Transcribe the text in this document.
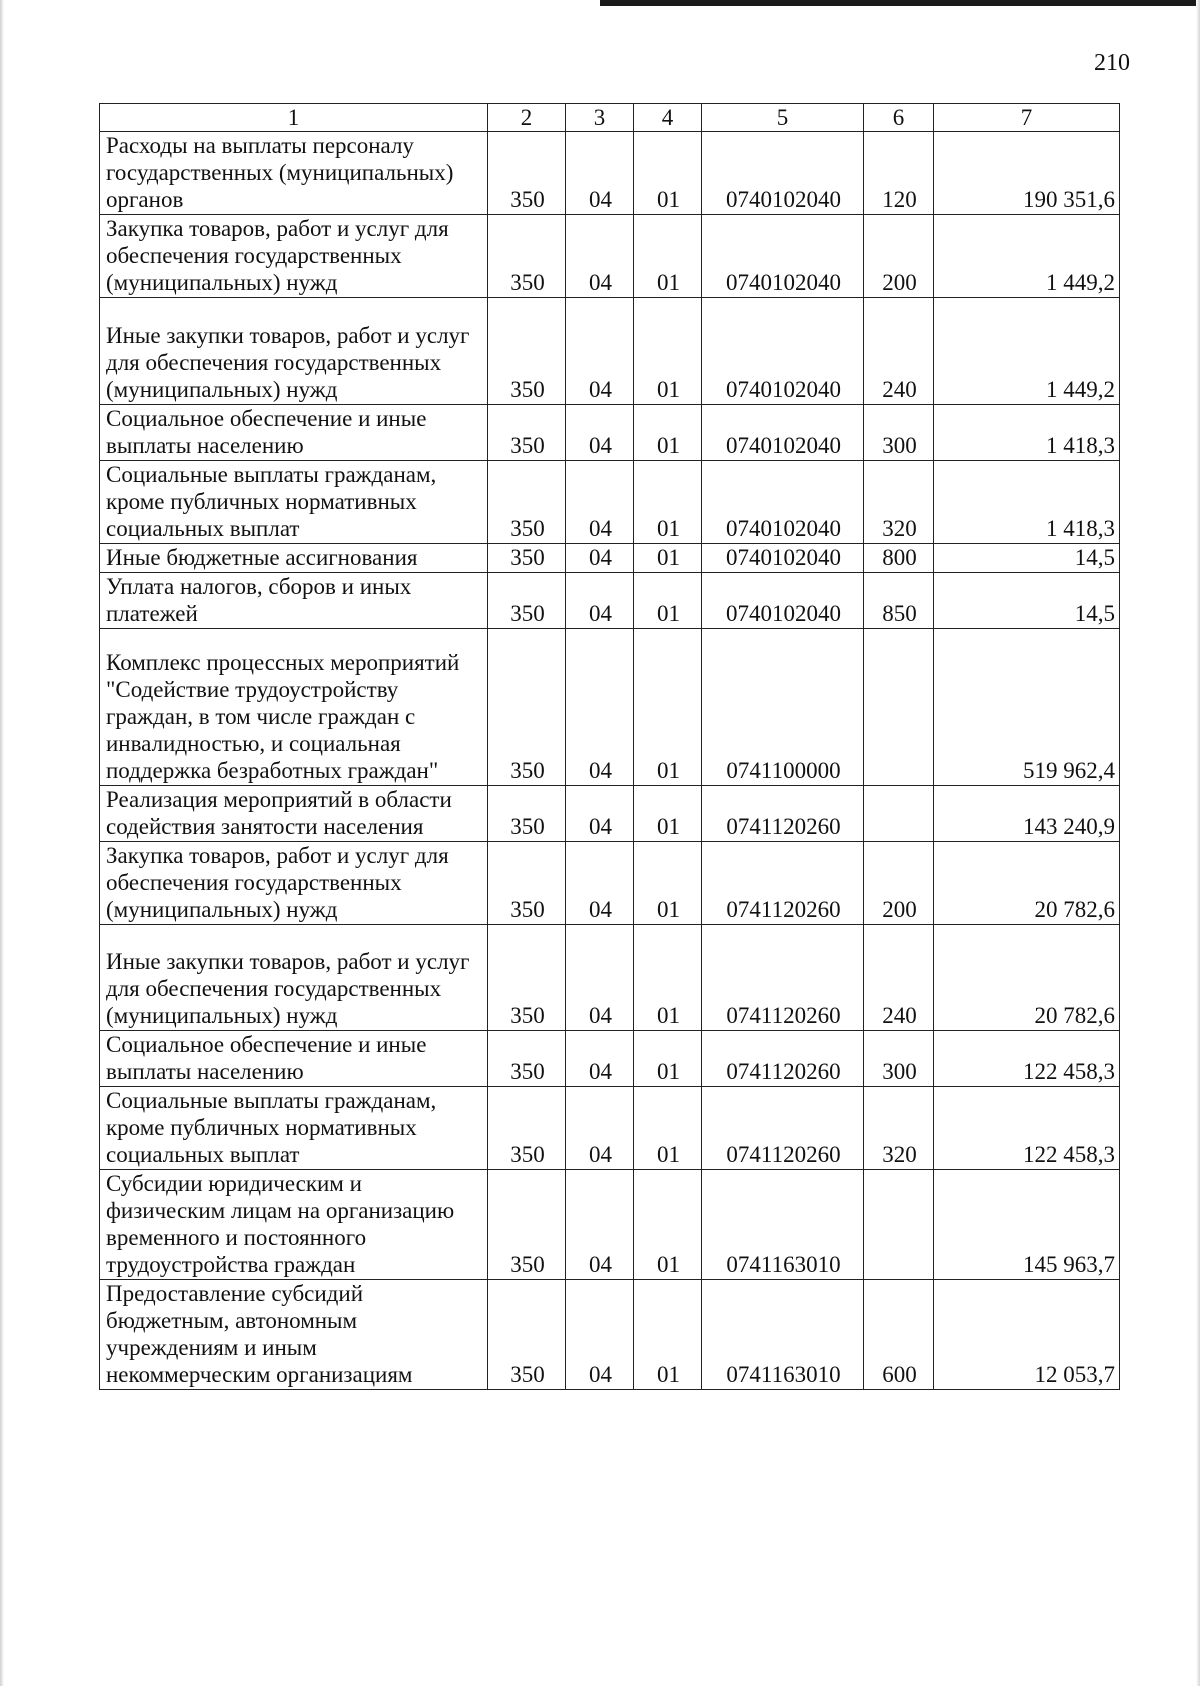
210
1	2	3	4	5	6	7
Расходы на выплаты персоналу государственных (муниципальных) органов	350	04	01	0740102040	120	190 351,6
Закупка товаров, работ и услуг для обеспечения государственных (муниципальных) нужд	350	04	01	0740102040	200	1 449,2
Иные закупки товаров, работ и услуг для обеспечения государственных (муниципальных) нужд	350	04	01	0740102040	240	1 449,2
Социальное обеспечение и иные выплаты населению	350	04	01	0740102040	300	1 418,3
Социальные выплаты гражданам, кроме публичных нормативных социальных выплат	350	04	01	0740102040	320	1 418,3
Иные бюджетные ассигнования	350	04	01	0740102040	800	14,5
Уплата налогов, сборов и иных платежей	350	04	01	0740102040	850	14,5
Комплекс процессных мероприятий "Содействие трудоустройству граждан, в том числе граждан с инвалидностью, и социальная поддержка безработных граждан"	350	04	01	0741100000		519 962,4
Реализация мероприятий в области содействия занятости населения	350	04	01	0741120260		143 240,9
Закупка товаров, работ и услуг для обеспечения государственных (муниципальных) нужд	350	04	01	0741120260	200	20 782,6
Иные закупки товаров, работ и услуг для обеспечения государственных (муниципальных) нужд	350	04	01	0741120260	240	20 782,6
Социальное обеспечение и иные выплаты населению	350	04	01	0741120260	300	122 458,3
Социальные выплаты гражданам, кроме публичных нормативных социальных выплат	350	04	01	0741120260	320	122 458,3
Субсидии юридическим и физическим лицам на организацию временного и постоянного трудоустройства граждан	350	04	01	0741163010		145 963,7
Предоставление субсидий бюджетным, автономным учреждениям и иным некоммерческим организациям	350	04	01	0741163010	600	12 053,7
